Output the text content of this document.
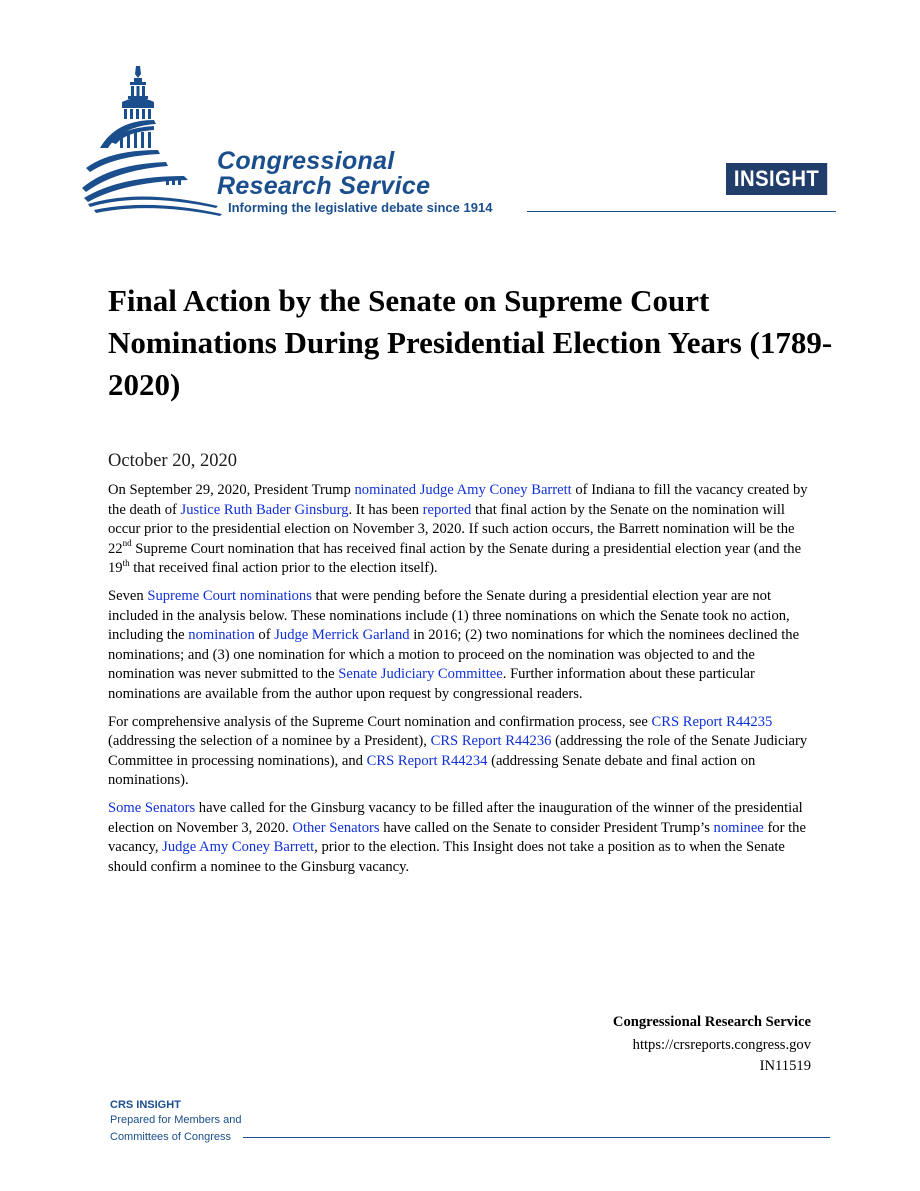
Congressional
Research Service
Informing the legislative debate since 1914
INSIGHT
Final Action by the Senate on Supreme Court Nominations During Presidential Election Years (1789-2020)
October 20, 2020

On September 29, 2020, President Trump nominated Judge Amy Coney Barrett of Indiana to fill the vacancy created by the death of Justice Ruth Bader Ginsburg. It has been reported that final action by the Senate on the nomination will occur prior to the presidential election on November 3, 2020. If such action occurs, the Barrett nomination will be the 22nd Supreme Court nomination that has received final action by the Senate during a presidential election year (and the 19th that received final action prior to the election itself).

Seven Supreme Court nominations that were pending before the Senate during a presidential election year are not included in the analysis below. These nominations include (1) three nominations on which the Senate took no action, including the nomination of Judge Merrick Garland in 2016; (2) two nominations for which the nominees declined the nominations; and (3) one nomination for which a motion to proceed on the nomination was objected to and the nomination was never submitted to the Senate Judiciary Committee. Further information about these particular nominations are available from the author upon request by congressional readers.

For comprehensive analysis of the Supreme Court nomination and confirmation process, see CRS Report R44235 (addressing the selection of a nominee by a President), CRS Report R44236 (addressing the role of the Senate Judiciary Committee in processing nominations), and CRS Report R44234 (addressing Senate debate and final action on nominations).

Some Senators have called for the Ginsburg vacancy to be filled after the inauguration of the winner of the presidential election on November 3, 2020. Other Senators have called on the Senate to consider President Trump’s nominee for the vacancy, Judge Amy Coney Barrett, prior to the election. This Insight does not take a position as to when the Senate should confirm a nominee to the Ginsburg vacancy.

Congressional Research Service
https://crsreports.congress.gov
IN11519
CRS INSIGHT
Prepared for Members and
Committees of Congress
